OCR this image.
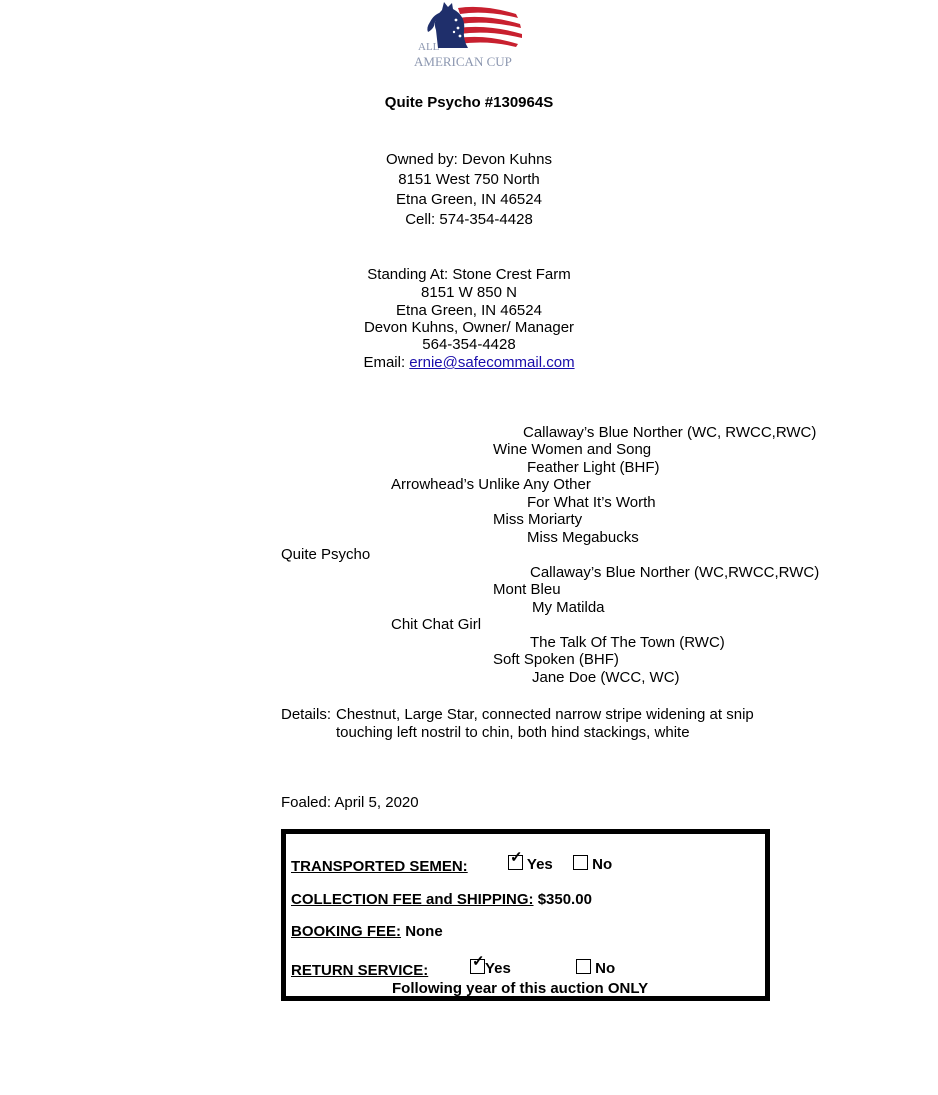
ALL
AMERICAN CUP
Quite Psycho #130964S
Owned by: Devon Kuhns
8151 West 750 North
Etna Green, IN 46524
Cell: 574-354-4428
Standing At: Stone Crest Farm
8151 W 850 N
Etna Green, IN 46524
Devon Kuhns, Owner/ Manager
564-354-4428
Email: ernie@safecommail.com
Callaway’s Blue Norther (WC, RWCC,RWC)
Wine Women and Song
Feather Light (BHF)
Arrowhead’s Unlike Any Other
For What It’s Worth
Miss Moriarty
Miss Megabucks
Quite Psycho
Callaway’s Blue Norther (WC,RWCC,RWC)
Mont Bleu
My Matilda
Chit Chat Girl
The Talk Of The Town (RWC)
Soft Spoken (BHF)
Jane Doe (WCC, WC)
Details: Chestnut, Large Star, connected narrow stripe widening at snip
touching left nostril to chin, both hind stackings, white
Foaled: April 5, 2020
TRANSPORTED SEMEN:
✓ Yes	No
COLLECTION FEE and SHIPPING: $350.00
BOOKING FEE: None
RETURN SERVICE:
✓ Yes	No
Following year of this auction ONLY
